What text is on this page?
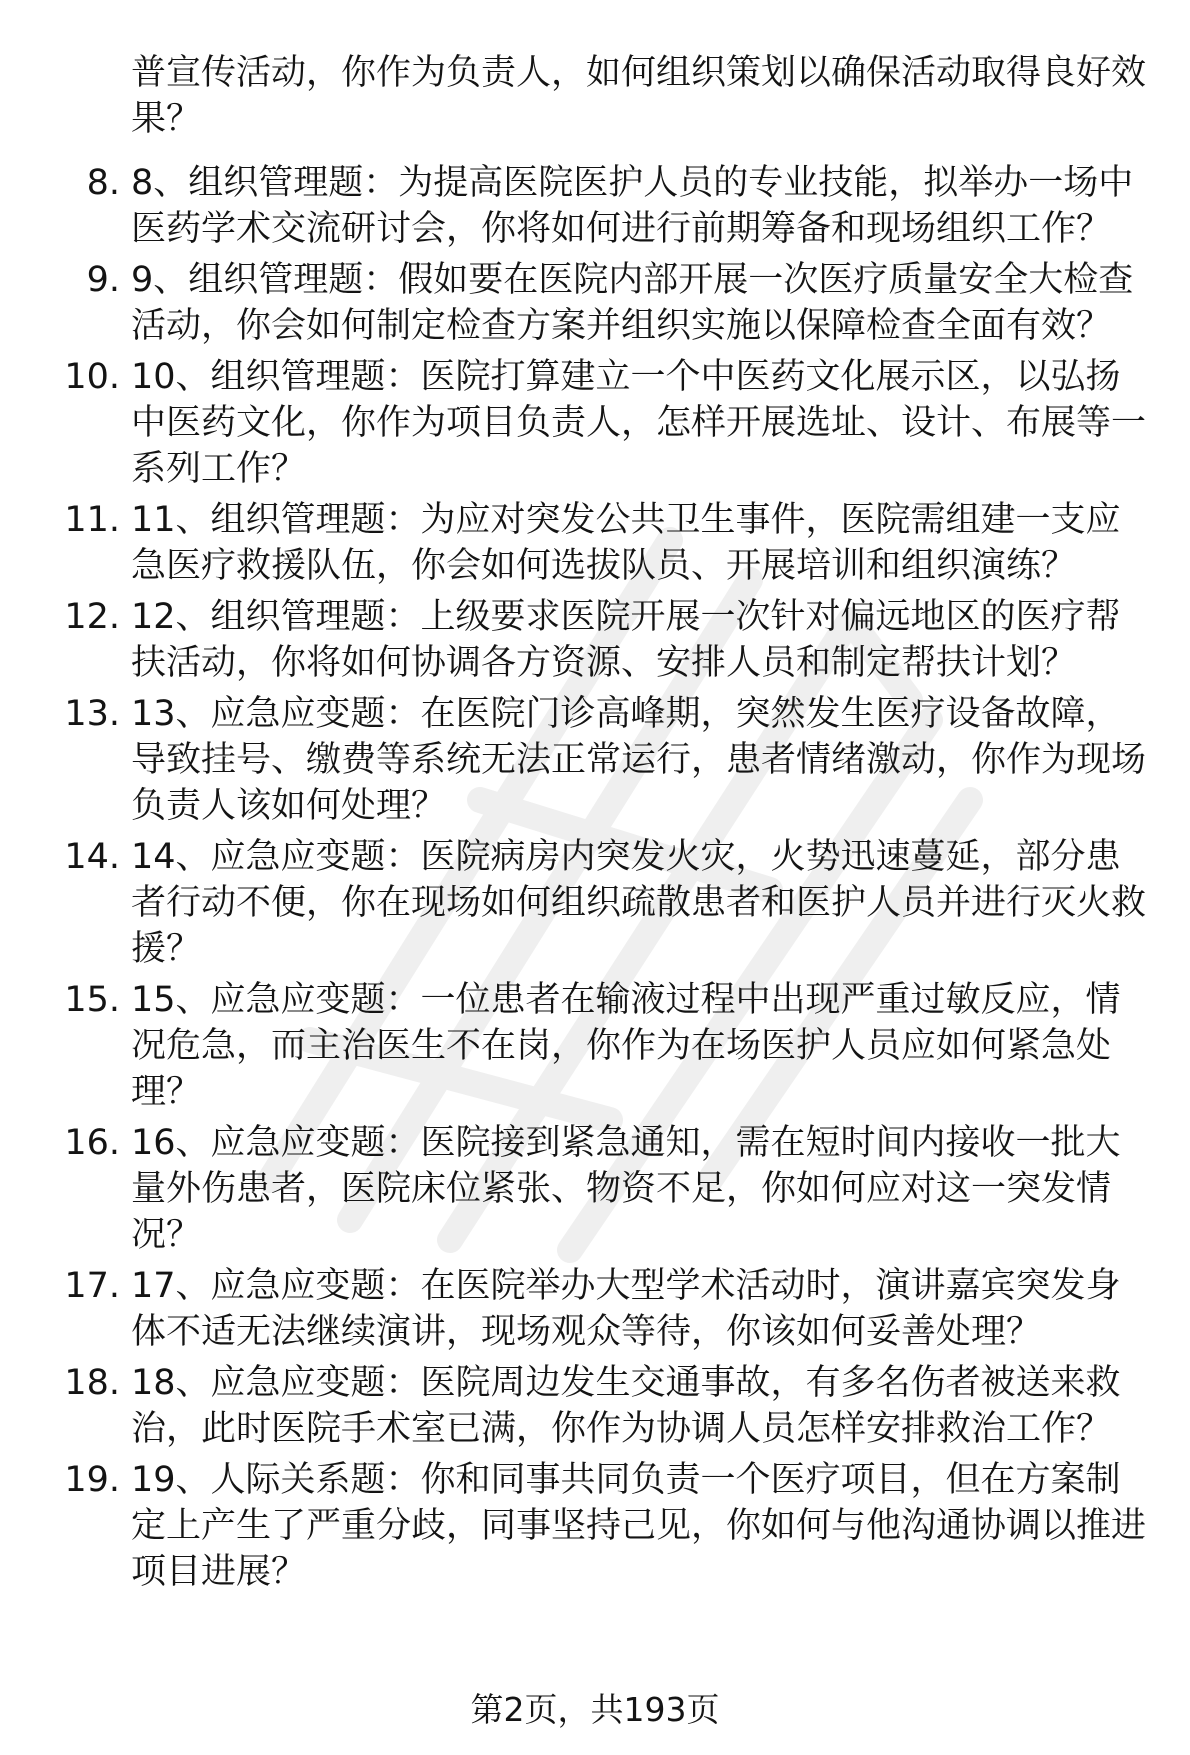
普宣传活动，你作为负责人，如何组织策划以确保活动取得良好效果？

8. 8、组织管理题：为提高医院医护人员的专业技能，拟举办一场中医药学术交流研讨会，你将如何进行前期筹备和现场组织工作？
9. 9、组织管理题：假如要在医院内部开展一次医疗质量安全大检查活动，你会如何制定检查方案并组织实施以保障检查全面有效？
10. 10、组织管理题：医院打算建立一个中医药文化展示区，以弘扬中医药文化，你作为项目负责人，怎样开展选址、设计、布展等一系列工作？
11. 11、组织管理题：为应对突发公共卫生事件，医院需组建一支应急医疗救援队伍，你会如何选拔队员、开展培训和组织演练？
12. 12、组织管理题：上级要求医院开展一次针对偏远地区的医疗帮扶活动，你将如何协调各方资源、安排人员和制定帮扶计划？
13. 13、应急应变题：在医院门诊高峰期，突然发生医疗设备故障，导致挂号、缴费等系统无法正常运行，患者情绪激动，你作为现场负责人该如何处理？
14. 14、应急应变题：医院病房内突发火灾，火势迅速蔓延，部分患者行动不便，你在现场如何组织疏散患者和医护人员并进行灭火救援？
15. 15、应急应变题：一位患者在输液过程中出现严重过敏反应，情况危急，而主治医生不在岗，你作为在场医护人员应如何紧急处理？
16. 16、应急应变题：医院接到紧急通知，需在短时间内接收一批大量外伤患者，医院床位紧张、物资不足，你如何应对这一突发情况？
17. 17、应急应变题：在医院举办大型学术活动时，演讲嘉宾突发身体不适无法继续演讲，现场观众等待，你该如何妥善处理？
18. 18、应急应变题：医院周边发生交通事故，有多名伤者被送来救治，此时医院手术室已满，你作为协调人员怎样安排救治工作？
19. 19、人际关系题：你和同事共同负责一个医疗项目，但在方案制定上产生了严重分歧，同事坚持己见，你如何与他沟通协调以推进项目进展？
第2页，共193页
